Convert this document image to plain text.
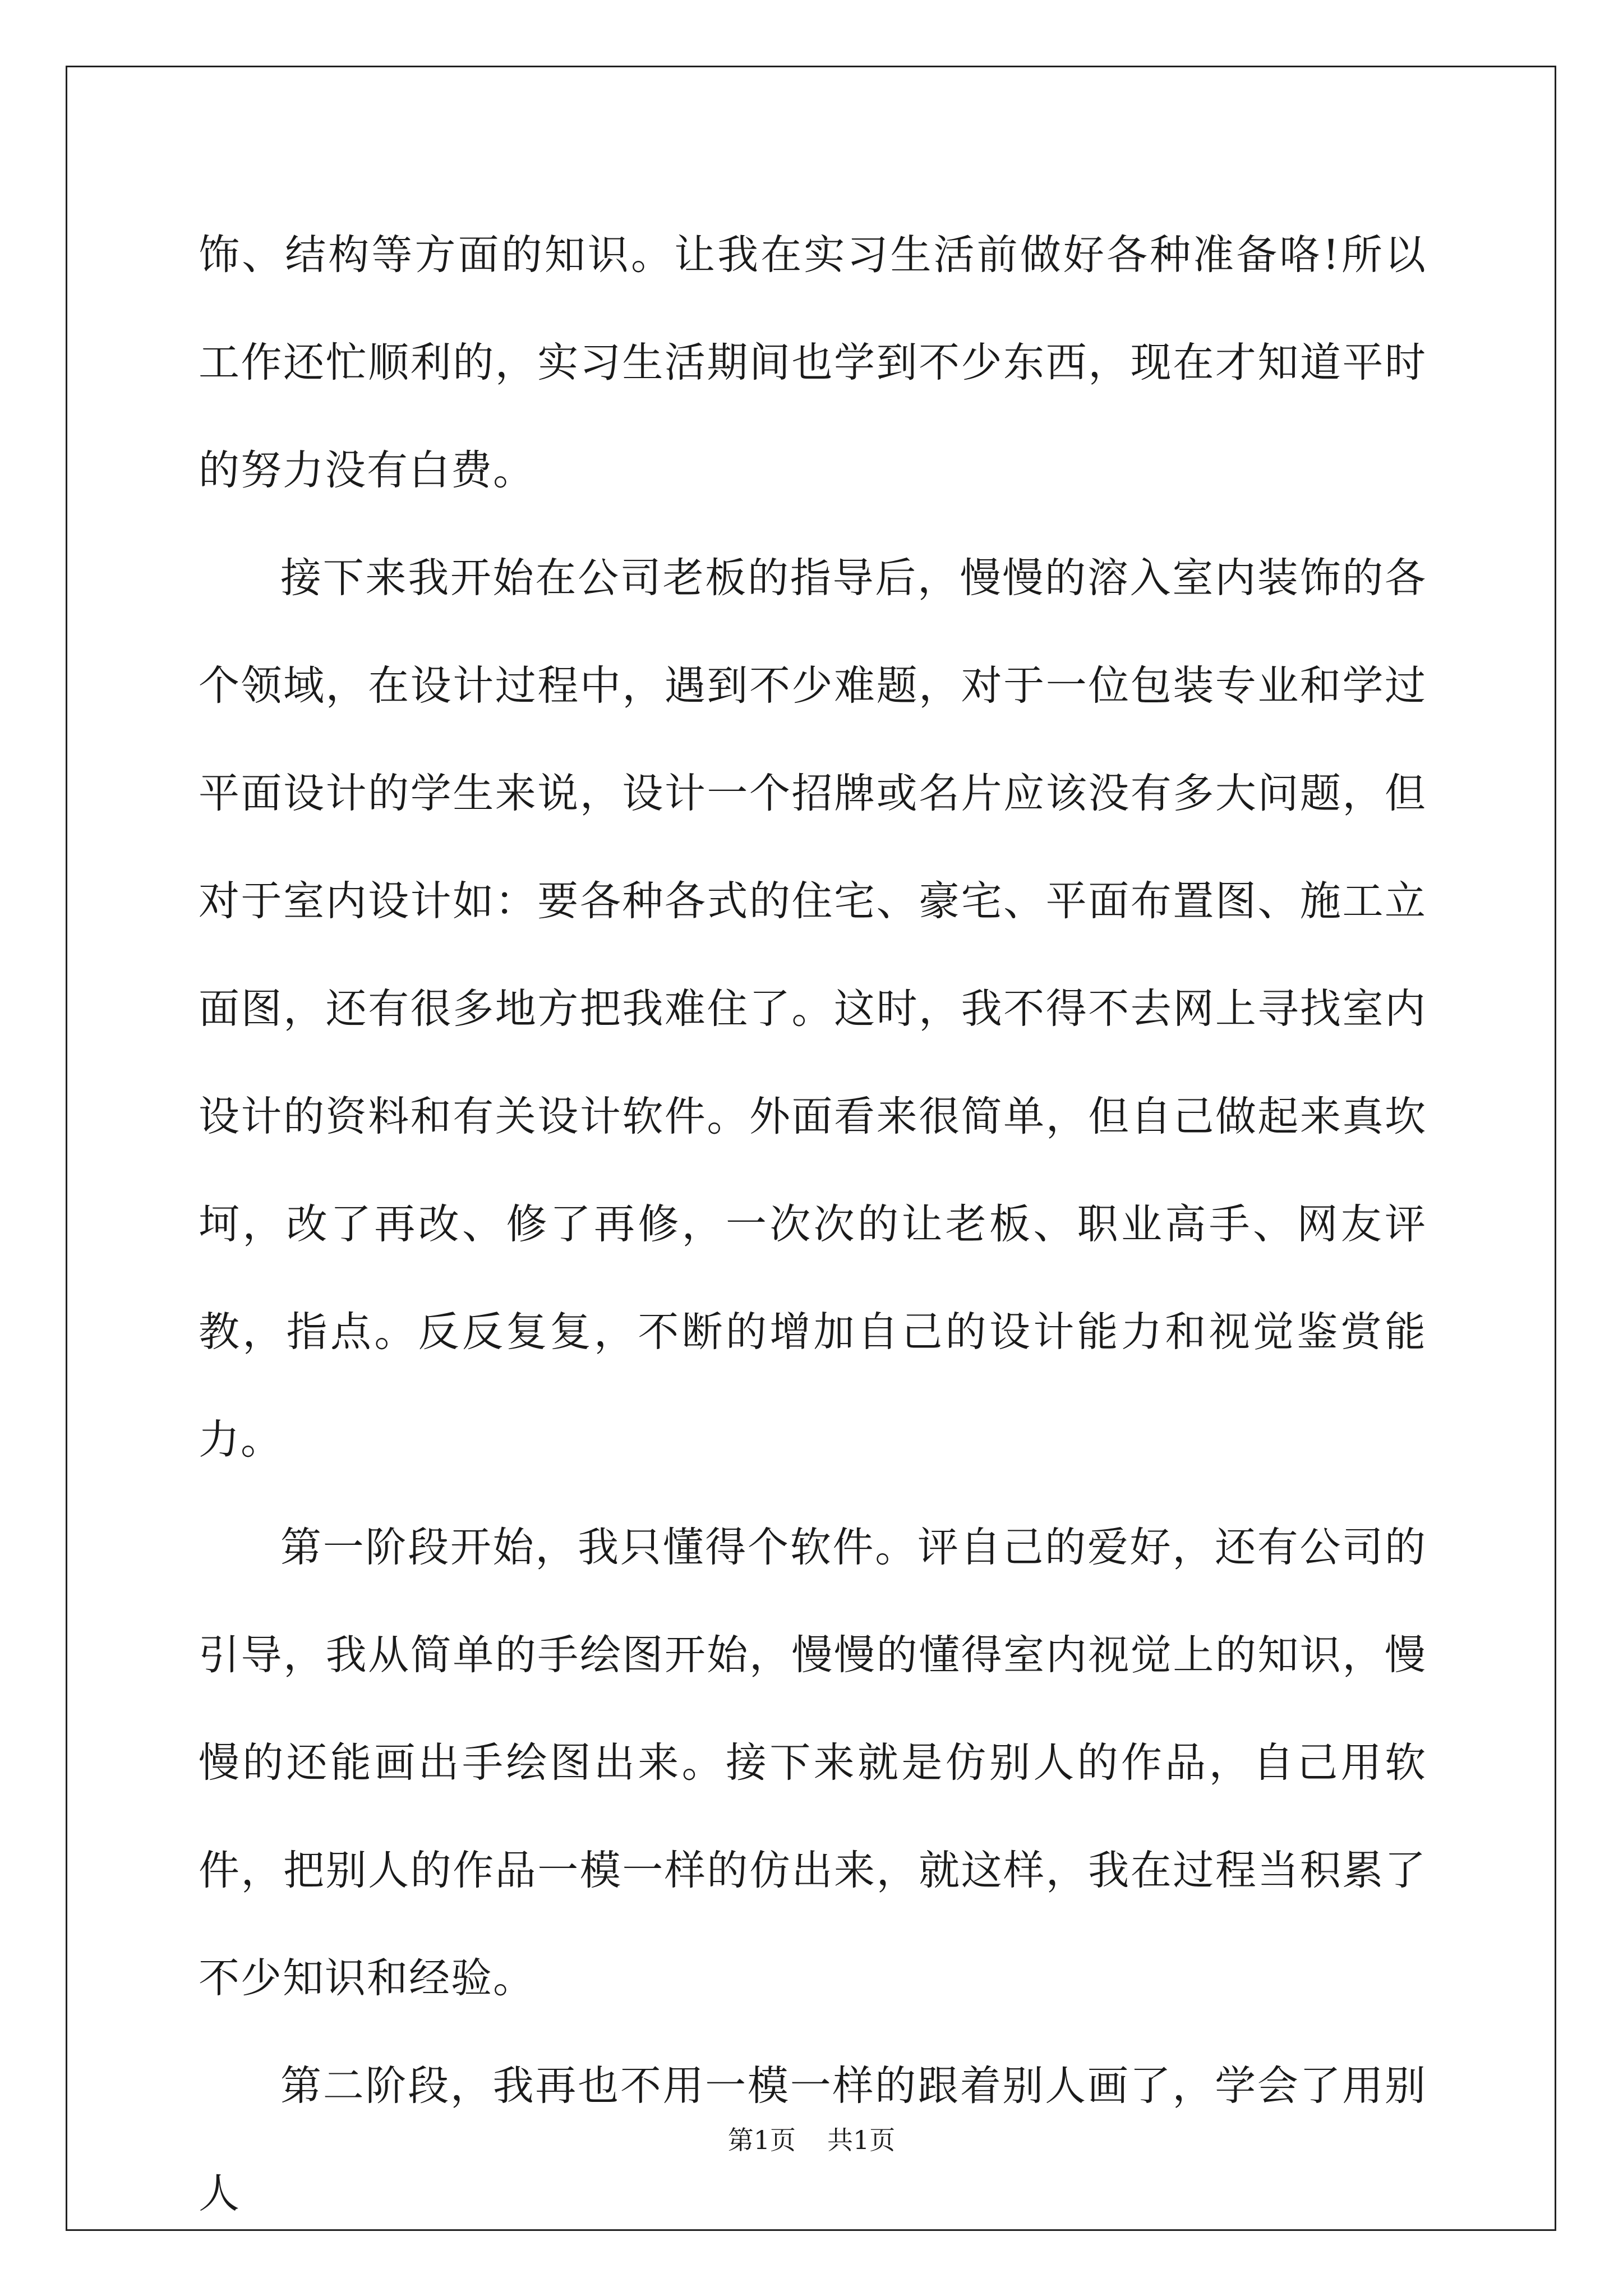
饰、结构等方面的知识。让我在实习生活前做好各种准备咯!所以工作还忙顺利的，实习生活期间也学到不少东西，现在才知道平时的努力没有白费。

接下来我开始在公司老板的指导后，慢慢的溶入室内装饰的各个领域，在设计过程中，遇到不少难题，对于一位包装专业和学过平面设计的学生来说，设计一个招牌或名片应该没有多大问题，但对于室内设计如：要各种各式的住宅、豪宅、平面布置图、施工立面图，还有很多地方把我难住了。这时，我不得不去网上寻找室内设计的资料和有关设计软件。外面看来很简单，但自己做起来真坎坷，改了再改、修了再修，一次次的让老板、职业高手、网友评教，指点。反反复复，不断的增加自己的设计能力和视觉鉴赏能力。

第一阶段开始，我只懂得个软件。评自己的爱好，还有公司的引导，我从简单的手绘图开始，慢慢的懂得室内视觉上的知识，慢慢的还能画出手绘图出来。接下来就是仿别人的作品，自己用软件，把别人的作品一模一样的仿出来，就这样，我在过程当积累了不少知识和经验。

第二阶段，我再也不用一模一样的跟着别人画了，学会了用别人

第1页 共1页
